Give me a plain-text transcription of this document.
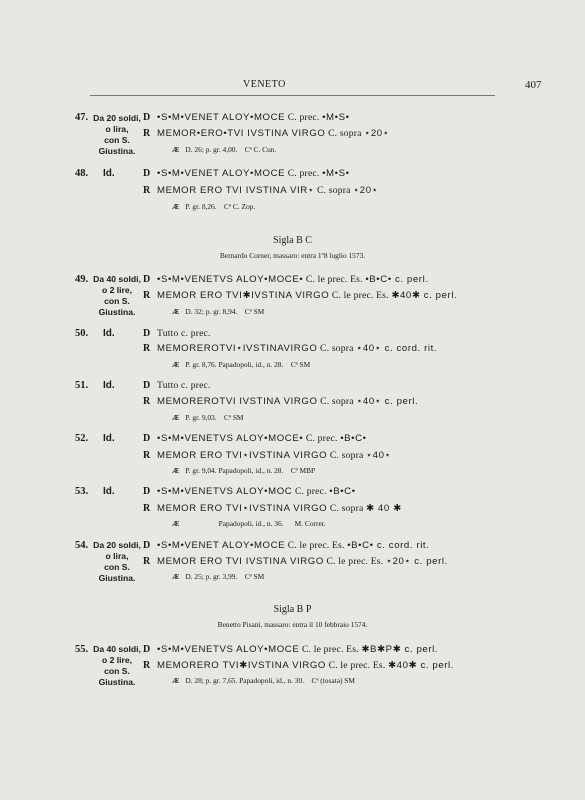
VENETO	407
47. Da 20 soldi,
o lira,
con S. Giustina.
D •S•M•VENET ALOY•MOCE C. prec. •M•S•
R MEMOR•ERO•TVI IVSTINA VIRGO C. sopra ⋆20⋆
Æ D. 26; p. gr. 4,00. Cª C. Cun.
48. Id.	D •S•M•VENET ALOY•MOCE C. prec. •M•S•
R MEMOR ERO TVI IVSTINA VIR⋆ C. sopra ⋆20⋆
Æ P. gr. 8,26. Cª C. Zop.
Sigla B C
Bernardo Corner, massaro: entra 1º8 luglio 1573.
49. Da 40 soldi,
o 2 lire,
con S. Giustina.
D •S•M•VENETVS ALOY•MOCE• C. le prec. Es. •B•C• c. perl.
R MEMOR ERO TVI✱IVSTINA VIRGO C. le prec. Es. ✱40✱ c. perl.
Æ D. 32; p. gr. 8,94. Cª SM
50. Id.	D Tutto c. prec.
R MEMOREROTVI⋆IVSTINAVIRGO C. sopra ⋆40⋆ c. cord. rit.
Æ P. gr. 8,76. Papadopoli, id., n. 28. Cª SM
51. Id.	D Tutto c. prec.
R MEMOREROTVI IVSTINA VIRGO C. sopra ⋆40⋆ c. perl.
Æ P. gr. 9,03. Cª SM
52. Id.	D •S•M•VENETVS ALOY•MOCE• C. prec. •B•C•
R MEMOR ERO TVI⋆IVSTINA VIRGO C. sopra ⋆40⋆
Æ P. gr. 9,04. Papadopoli, id., n. 28. Cª MBP
53. Id.	D •S•M•VENETVS ALOY•MOC C. prec. •B•C•
R MEMOR ERO TVI⋆IVSTINA VIRGO C. sopra ✱ 40 ✱
Æ	Papadopoli, id., n. 36. M. Correr.
54. Da 20 soldi,
o lira,
con S. Giustina.
D •S•M•VENET ALOY•MOCE C. le prec. Es. •B•C• c. cord. rit.
R MEMOR ERO TVI IVSTINA VIRGO C. le prec. Es. ⋆20⋆ c. perl.
Æ D. 25; p. gr. 3,99. Cª SM
Sigla B P
Benetto Pisani, massaro: entra il 10 febbraio 1574.
55. Da 40 soldi,
o 2 lire,
con S. Giustina.
D •S•M•VENETVS ALOY•MOCE C. le prec. Es. ✱B✱P✱ c. perl.
R MEMORERO TVI✱IVSTINA VIRGO C. le prec. Es. ✱40✱ c. perl.
Æ D. 28; p. gr. 7,65. Papadopoli, id., n. 30. Cª (tosata) SM
